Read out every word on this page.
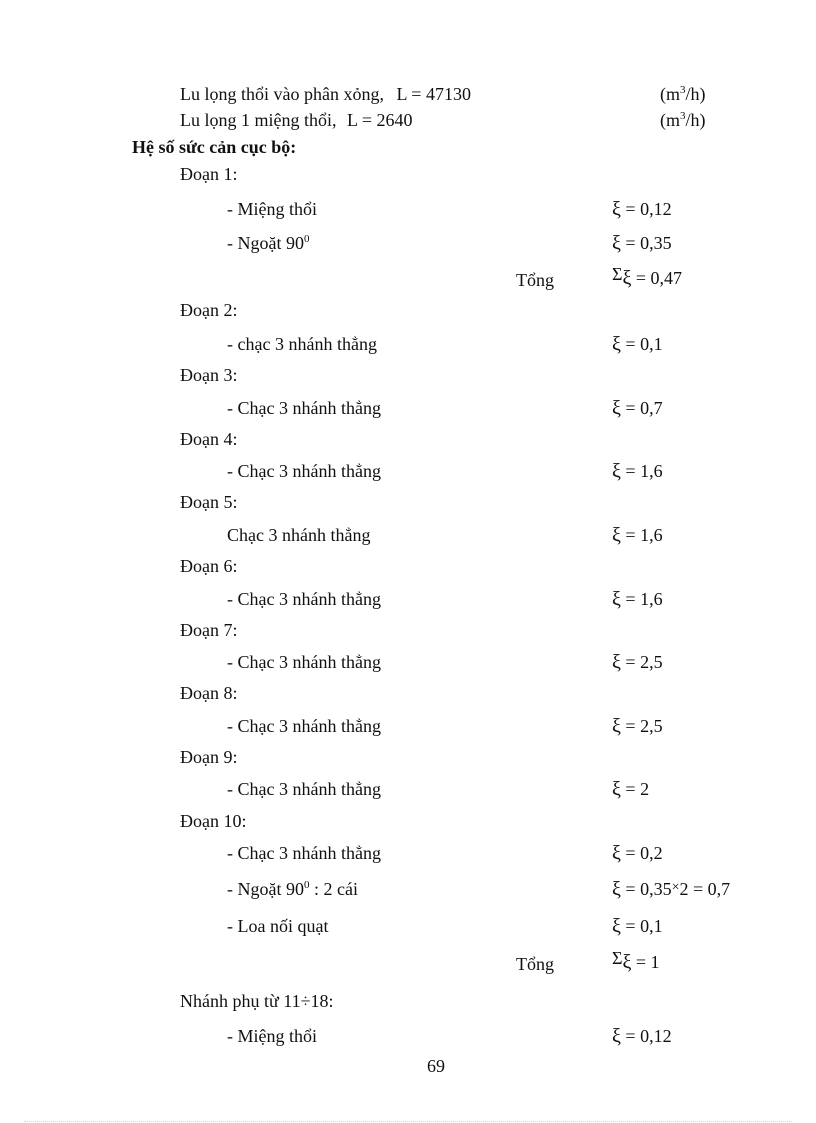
Lu lọng thổi vào phân xỏng, L = 47130	$(m^3/h)$
Lu lọng 1 miệng thổi, L = 2640	$(m^3/h)$
Hệ số sức cản cục bộ:
Đoạn 1:
- Miệng thổi	ξ = 0,12
- Ngoặt $90^0$	ξ = 0,35
Tổng	Σξ = 0,47
Đoạn 2:
- chạc 3 nhánh thẳng	ξ = 0,1
Đoạn 3:
- Chạc 3 nhánh thẳng	ξ = 0,7
Đoạn 4:
- Chạc 3 nhánh thẳng	ξ = 1,6
Đoạn 5:
Chạc 3 nhánh thẳng	ξ = 1,6
Đoạn 6:
- Chạc 3 nhánh thẳng	ξ = 1,6
Đoạn 7:
- Chạc 3 nhánh thẳng	ξ = 2,5
Đoạn 8:
- Chạc 3 nhánh thẳng	ξ = 2,5
Đoạn 9:
- Chạc 3 nhánh thẳng	ξ = 2
Đoạn 10:
- Chạc 3 nhánh thẳng	ξ = 0,2
- Ngoặt $90^0$ : 2 cái	ξ = 0,35×2 = 0,7
- Loa nối quạt	ξ = 0,1
Tổng	Σξ = 1
Nhánh phụ từ 11÷18:
- Miệng thổi	ξ = 0,12
69
